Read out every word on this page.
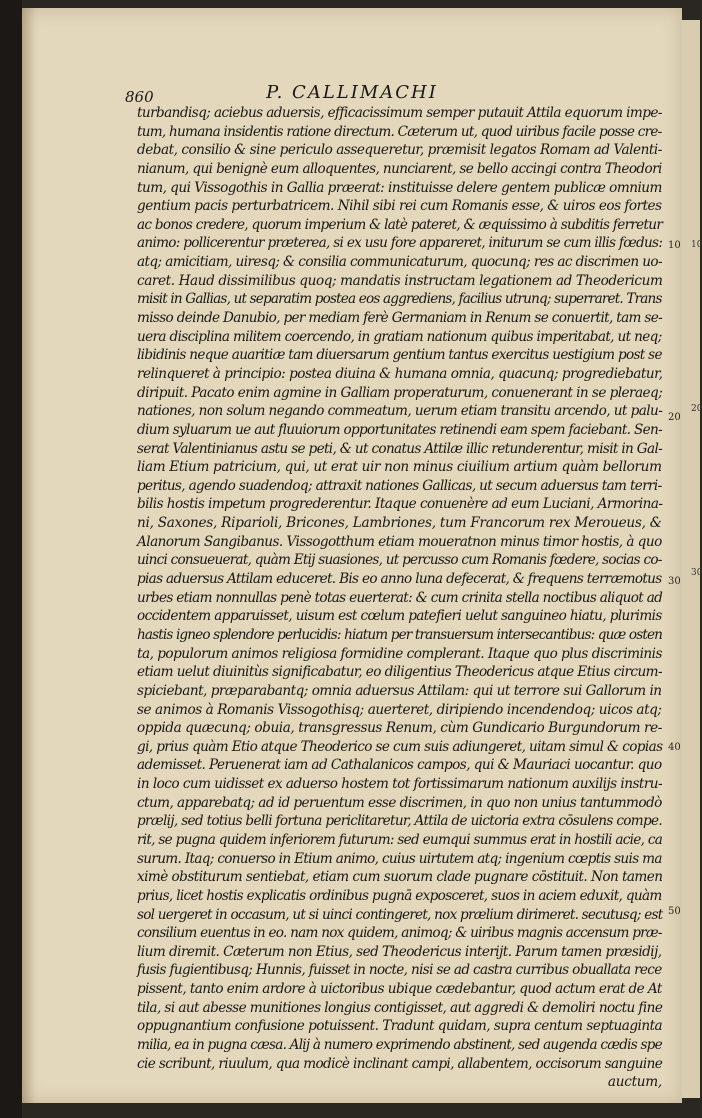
860	P. CALLIMACHI
turbandisq; aciebus aduersis, efficacissimum semper putauit Attila equorum impe-
tum, humana insidentis ratione directum. Cæterum ut, quod uiribus facile posse cre-
debat, consilio & sine periculo assequeretur, præmisit legatos Romam ad Valenti-
nianum, qui benignè eum alloquentes, nunciarent, se bello accingi contra Theodori
tum, qui Vissogothis in Gallia præerat: instituisse delere gentem publicæ omnium
gentium pacis perturbatricem. Nihil sibi rei cum Romanis esse, & uiros eos fortes
ac bonos credere, quorum imperium & latè pateret, & æquissimo à subditis ferretur
animo: pollicerentur præterea, si ex usu fore appareret, initurum se cum illis fœdus:
atq; amicitiam, uiresq; & consilia communicaturum, quocunq; res ac discrimen uo-
caret. Haud dissimilibus quoq; mandatis instructam legationem ad Theodericum
misit in Gallias, ut separatim postea eos aggrediens, facilius utrunq; superraret. Trans
misso deinde Danubio, per mediam ferè Germaniam in Renum se conuertit, tam se-
uera disciplina militem coercendo, in gratiam nationum quibus imperitabat, ut neq;
libidinis neque auaritiæ tam diuersarum gentium tantus exercitus uestigium post se
relinqueret à principio: postea diuina & humana omnia, quacunq; progrediebatur,
diripuit. Pacato enim agmine in Galliam properaturum, conuenerant in se pleraeq;
nationes, non solum negando commeatum, uerum etiam transitu arcendo, ut palu-
dium syluarum ue aut fluuiorum opportunitates retinendi eam spem faciebant. Sen-
serat Valentinianus astu se peti, & ut conatus Attilæ illic retunderentur, misit in Gal-
liam Etium patricium, qui, ut erat uir non minus ciuilium artium quàm bellorum
peritus, agendo suadendoq; attraxit nationes Gallicas, ut secum aduersus tam terri-
bilis hostis impetum progrederentur. Itaque conuenère ad eum Luciani, Armorina-
ni, Saxones, Riparioli, Bricones, Lambriones, tum Francorum rex Meroueus, &
Alanorum Sangibanus. Vissogotthum etiam moueratnon minus timor hostis, à quo
uinci consueuerat, quàm Etij suasiones, ut percusso cum Romanis fœdere, socias co-
pias aduersus Attilam educeret. Bis eo anno luna defecerat, & frequens terræmotus
urbes etiam nonnullas penè totas euerterat: & cum crinita stella noctibus aliquot ad
occidentem apparuisset, uisum est cœlum patefieri uelut sanguineo hiatu, plurimis
hastis igneo splendore perlucidis: hiatum per transuersum intersecantibus: quæ osten
ta, populorum animos religiosa formidine complerant. Itaque quo plus discriminis
etiam uelut diuinitùs significabatur, eo diligentius Theodericus atque Etius circum-
spiciebant, præparabantq; omnia aduersus Attilam: qui ut terrore sui Gallorum in
se animos à Romanis Vissogothisq; auerteret, diripiendo incendendoq; uicos atq;
oppida quæcunq; obuia, transgressus Renum, cùm Gundicario Burgundorum re-
gi, prius quàm Etio atque Theoderico se cum suis adiungeret, uitam simul & copias
ademisset. Peruenerat iam ad Cathalanicos campos, qui & Mauriaci uocantur. quo
in loco cum uidisset ex aduerso hostem tot fortissimarum nationum auxilijs instru-
ctum, apparebatq; ad id peruentum esse discrimen, in quo non unius tantummodò
prælij, sed totius belli fortuna periclitaretur, Attila de uictoria extra cōsulens compe.
rit, se pugna quidem inferiorem futurum: sed eumqui summus erat in hostili acie, ca
surum. Itaq; conuerso in Etium animo, cuius uirtutem atq; ingenium cœptis suis ma
ximè obstiturum sentiebat, etiam cum suorum clade pugnare cōstituit. Non tamen
prius, licet hostis explicatis ordinibus pugnā exposceret, suos in aciem eduxit, quàm
sol uergeret in occasum, ut si uinci contingeret, nox prælium dirimeret. secutusq; est
consilium euentus in eo. nam nox quidem, animoq; & uiribus magnis accensum præ-
lium diremit. Cæterum non Etius, sed Theodericus interijt. Parum tamen præsidij,
fusis fugientibusq; Hunnis, fuisset in nocte, nisi se ad castra curribus obuallata rece
pissent, tanto enim ardore à uictoribus ubique cædebantur, quod actum erat de At
tila, si aut abesse munitiones longius contigisset, aut aggredi & demoliri noctu fine
oppugnantium confusione potuissent. Tradunt quidam, supra centum septuaginta
milia, ea in pugna cæsa. Alij à numero exprimendo abstinent, sed augenda cædis spe
cie scribunt, riuulum, qua modicè inclinant campi, allabentem, occisorum sanguine
auctum,
10
20
30
40
50
10
20
30
